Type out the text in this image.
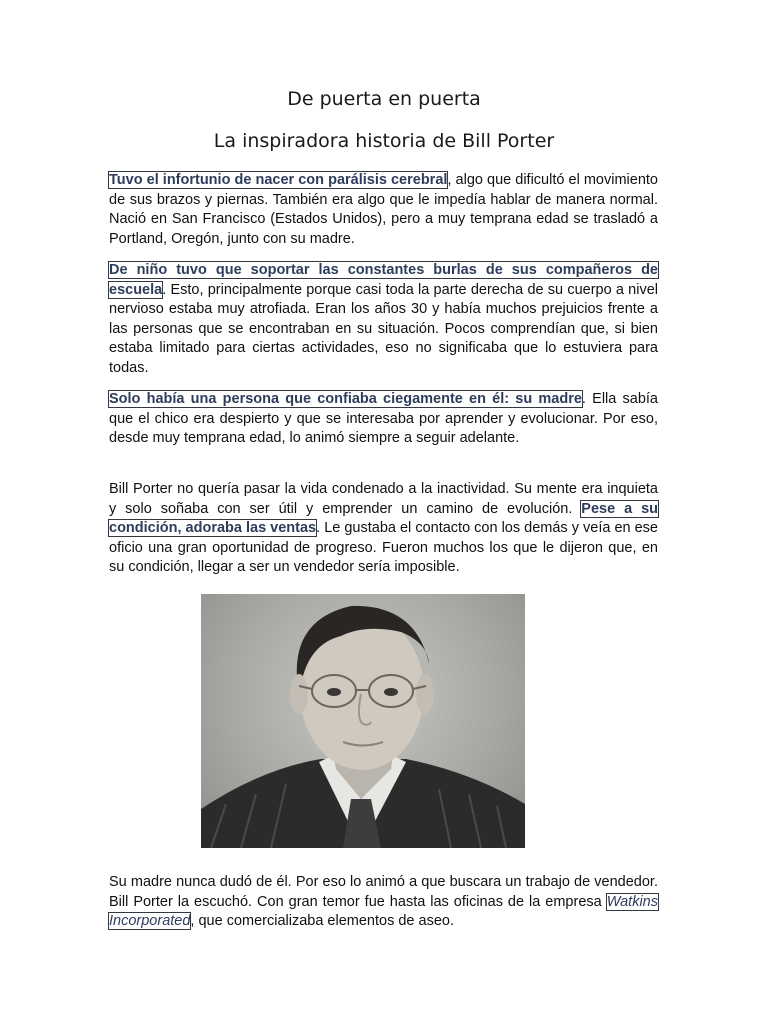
De puerta en puerta
La inspiradora historia de Bill Porter

Tuvo el infortunio de nacer con parálisis cerebral, algo que dificultó el movimiento de sus brazos y piernas. También era algo que le impedía hablar de manera normal. Nació en San Francisco (Estados Unidos), pero a muy temprana edad se trasladó a Portland, Oregón, junto con su madre.

De niño tuvo que soportar las constantes burlas de sus compañeros de escuela. Esto, principalmente porque casi toda la parte derecha de su cuerpo a nivel nervioso estaba muy atrofiada. Eran los años 30 y había muchos prejuicios frente a las personas que se encontraban en su situación. Pocos comprendían que, si bien estaba limitado para ciertas actividades, eso no significaba que lo estuviera para todas.

Solo había una persona que confiaba ciegamente en él: su madre. Ella sabía que el chico era despierto y que se interesaba por aprender y evolucionar. Por eso, desde muy temprana edad, lo animó siempre a seguir adelante.

Bill Porter no quería pasar la vida condenado a la inactividad. Su mente era inquieta y solo soñaba con ser útil y emprender un camino de evolución. Pese a su condición, adoraba las ventas. Le gustaba el contacto con los demás y veía en ese oficio una gran oportunidad de progreso. Fueron muchos los que le dijeron que, en su condición, llegar a ser un vendedor sería imposible.

Su madre nunca dudó de él. Por eso lo animó a que buscara un trabajo de vendedor. Bill Porter la escuchó. Con gran temor fue hasta las oficinas de la empresa Watkins Incorporated, que comercializaba elementos de aseo.
